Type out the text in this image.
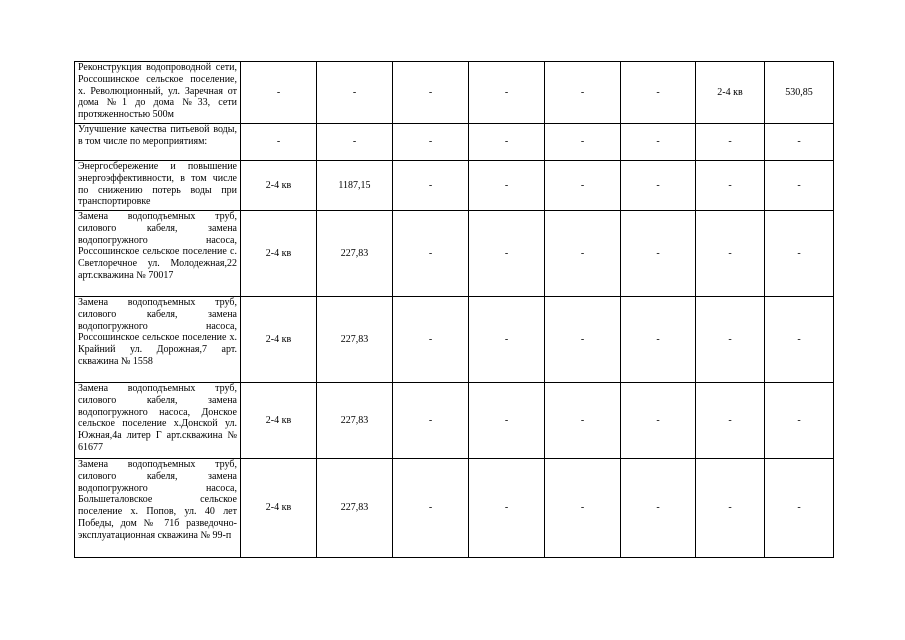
Реконструкция водопроводной сети, Россошинское сельское поселение, х. Революционный, ул. Заречная от дома №1 до дома №33, сети протяженностью 500м	-	-	-	-	-	-	2-4 кв	530,85
Улучшение качества питьевой воды, в том числе по мероприятиям:	-	-	-	-	-	-	-	-
Энергосбережение и повышение энергоэффективности, в том числе по снижению потерь воды при транспортировке	2-4 кв	1187,15	-	-	-	-	-	-
Замена водоподъемных труб, силового кабеля, замена водопогружного насоса, Россошинское сельское поселение с. Светлоречное ул. Молодежная,22 арт.скважина № 70017	2-4 кв	227,83	-	-	-	-	-	-
Замена водоподъемных труб, силового кабеля, замена водопогружного насоса, Россошинское сельское поселение х. Крайний ул. Дорожная,7 арт. скважина № 1558	2-4 кв	227,83	-	-	-	-	-	-
Замена водоподъемных труб, силового кабеля, замена водопогружного насоса, Донское сельское поселение х.Донской ул. Южная,4а литер Г арт.скважина № 61677	2-4 кв	227,83	-	-	-	-	-	-
Замена водоподъемных труб, силового кабеля, замена водопогружного насоса, Большеталовское сельское поселение х. Попов, ул. 40 лет Победы, дом № 71б разведочно-эксплуатационная скважина № 99-п	2-4 кв	227,83	-	-	-	-	-	-
